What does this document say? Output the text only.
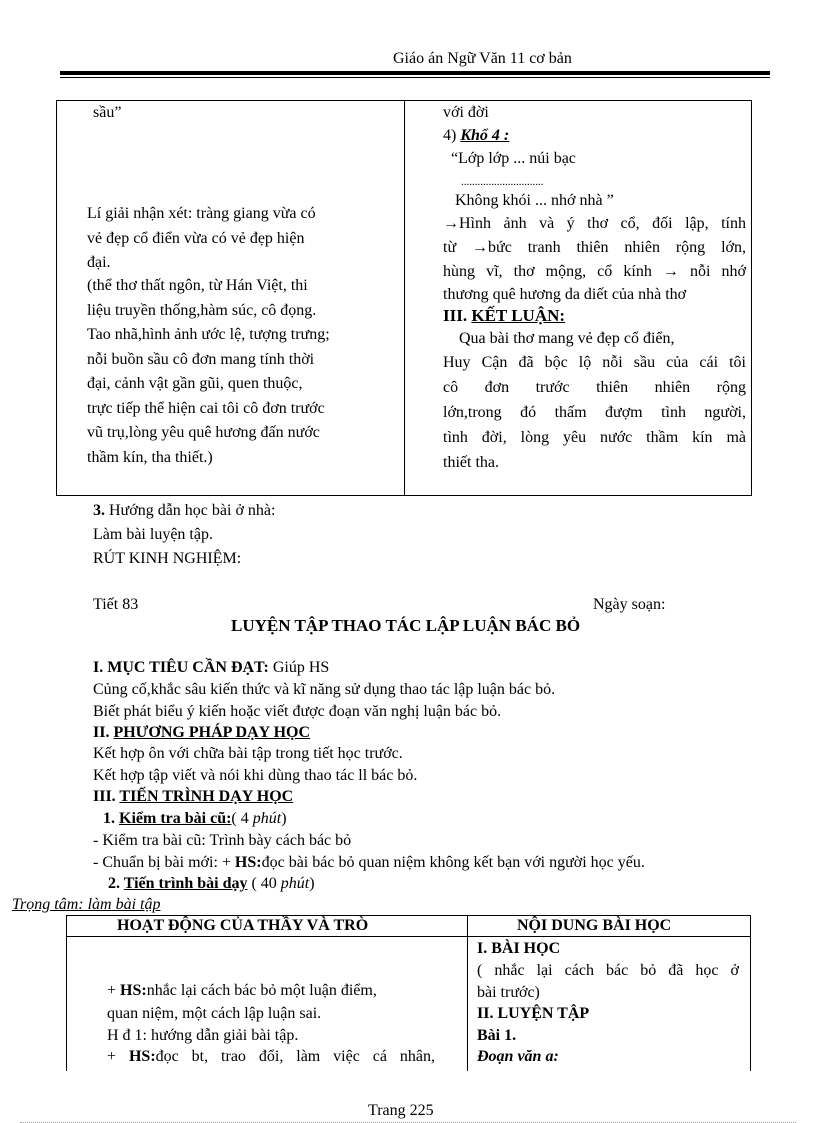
Giáo án Ngữ Văn 11 cơ bản
sầu”
Lí giải nhận xét: tràng giang vừa có
vẻ đẹp cổ điển vừa có vẻ đẹp hiện
đại.
(thể thơ thất ngôn, từ Hán Việt, thi
liệu truyền thống,hàm súc, cô đọng.
Tao nhã,hình ảnh ước lệ, tượng trưng;
nỗi buồn sầu cô đơn mang tính thời
đại, cảnh vật gần gũi, quen thuộc,
trực tiếp thể hiện cai tôi cô đơn trước
vũ trụ,lòng yêu quê hương đấn nước
thầm kín, tha thiết.)
với đời
4) Khổ 4 :
“Lớp lớp ... núi bạc
..............................
Không khói ... nhớ nhà ”
→Hình ảnh và ý thơ cổ, đối lập, tính
từ →bức tranh thiên nhiên rộng lớn,
hùng vĩ, thơ mộng, cổ kính → nỗi nhớ
thương quê hương da diết của nhà thơ
III. KẾT LUẬN:
Qua bài thơ mang vẻ đẹp cổ điển,
Huy Cận đã bộc lộ nỗi sầu của cái tôi
cô đơn trước thiên nhiên rộng
lớn,trong đó thấm đượm tình người,
tình đời, lòng yêu nước thầm kín mà
thiết tha.
3. Hướng dẫn học bài ở nhà:
Làm bài luyện tập.
RÚT KINH NGHIỆM:
Tiết 83	Ngày soạn:
LUYỆN TẬP THAO TÁC LẬP LUẬN BÁC BỎ
I. MỤC TIÊU CẦN ĐẠT: Giúp HS
Củng cố,khắc sâu kiến thức và kĩ năng sử dụng thao tác lập luận bác bỏ.
Biết phát biểu ý kiến hoặc viết được đoạn văn nghị luận bác bỏ.
II. PHƯƠNG PHÁP DẠY HỌC
Kết hợp ôn với chữa bài tập trong tiết học trước.
Kết hợp tập viết và nói khi dùng thao tác ll bác bỏ.
III. TIẾN TRÌNH DẠY HỌC
1. Kiểm tra bài cũ:( 4 phút)
- Kiểm tra bài cũ: Trình bày cách bác bỏ
- Chuẩn bị bài mới: + HS:đọc bài bác bỏ quan niệm không kết bạn với người học yếu.
2. Tiến trình bài dạy ( 40 phút)
Trọng tâm: làm bài tập
HOẠT ĐỘNG CỦA THẦY VÀ TRÒ	NỘI DUNG BÀI HỌC
+ HS:nhắc lại cách bác bỏ một luận điểm,
quan niệm, một cách lập luận sai.
H đ 1: hướng dẫn giải bài tập.
+ HS:đọc bt, trao đổi, làm việc cá nhân,
I. BÀI HỌC
( nhắc lại cách bác bỏ đã học ở
bài trước)
II. LUYỆN TẬP
Bài 1.
Đoạn văn a:
Trang 225
